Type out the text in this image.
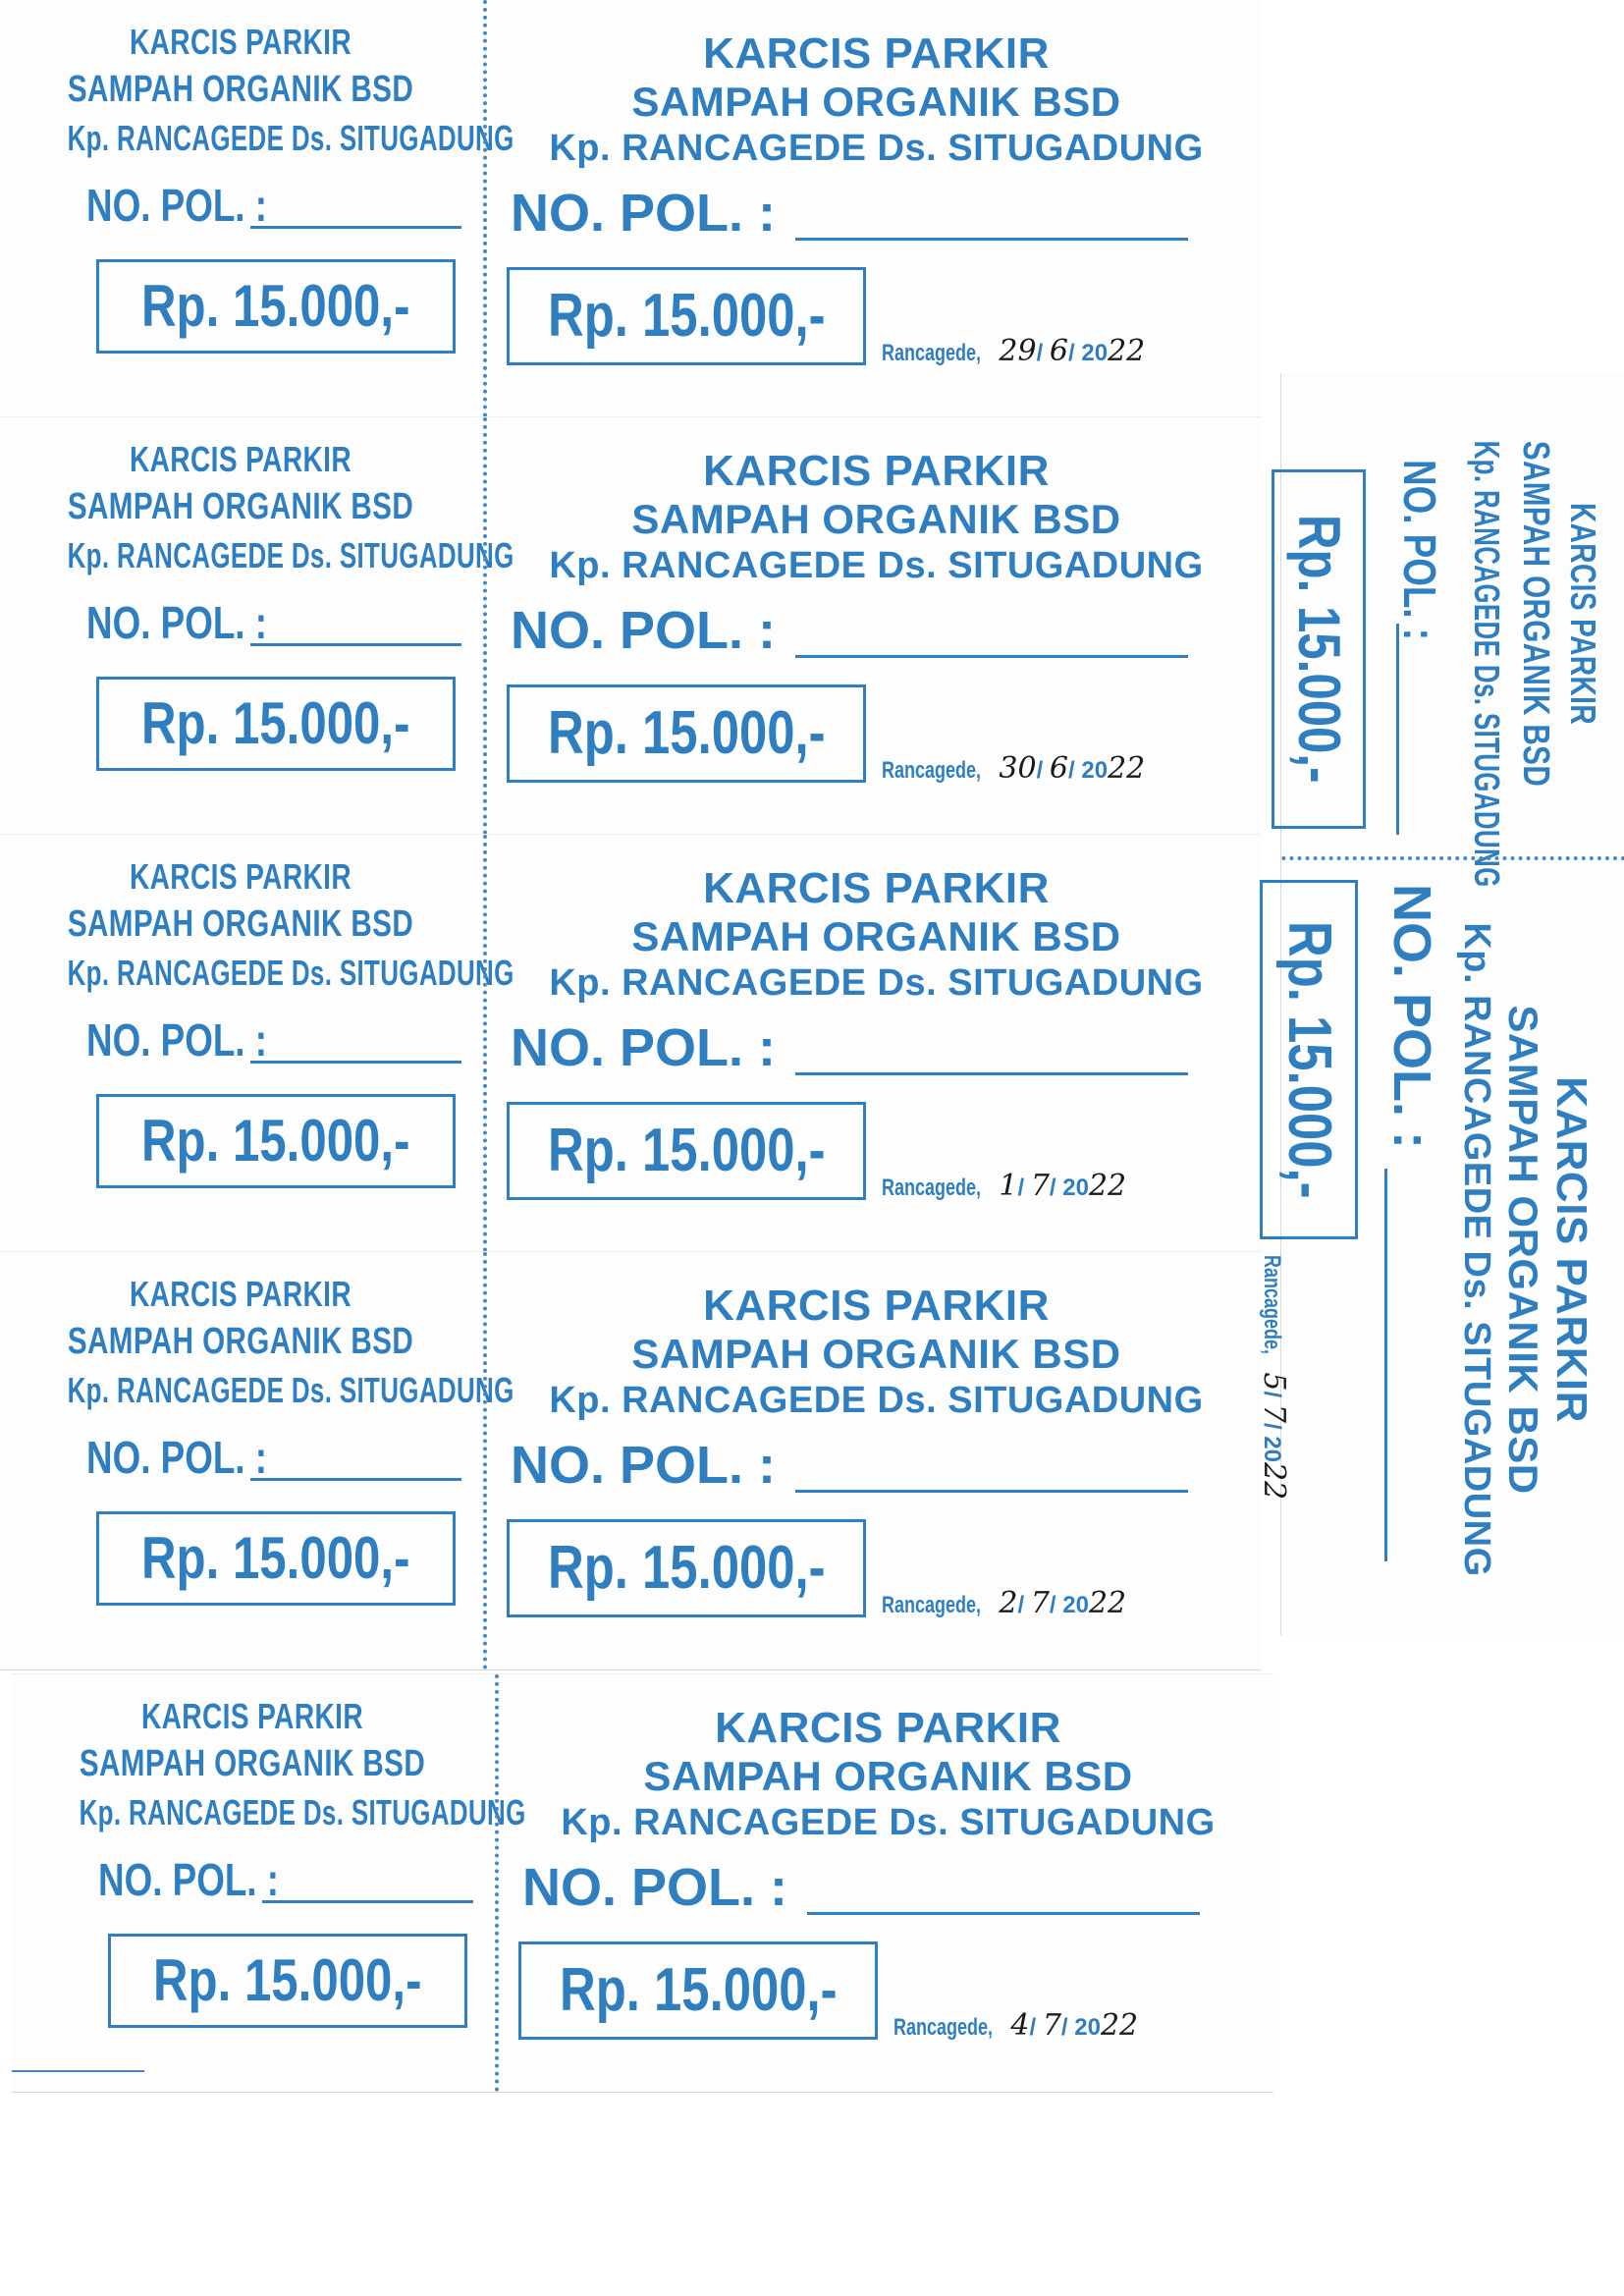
KARCIS PARKIR
SAMPAH ORGANIK BSD
Kp. RANCAGEDE Ds. SITUGADUNG
NO. POL. :
Rp. 15.000,-
KARCIS PARKIR
SAMPAH ORGANIK BSD
Kp. RANCAGEDE Ds. SITUGADUNG
NO. POL. :
Rp. 15.000,-
Rancagede, 29/ 6/ 2022
KARCIS PARKIR
SAMPAH ORGANIK BSD
Kp. RANCAGEDE Ds. SITUGADUNG
NO. POL. :
Rp. 15.000,-
KARCIS PARKIR
SAMPAH ORGANIK BSD
Kp. RANCAGEDE Ds. SITUGADUNG
NO. POL. :
Rp. 15.000,-
Rancagede, 30/ 6/ 2022
KARCIS PARKIR
SAMPAH ORGANIK BSD
Kp. RANCAGEDE Ds. SITUGADUNG
NO. POL. :
Rp. 15.000,-
KARCIS PARKIR
SAMPAH ORGANIK BSD
Kp. RANCAGEDE Ds. SITUGADUNG
NO. POL. :
Rp. 15.000,-
Rancagede, 1/ 7/ 2022
KARCIS PARKIR
SAMPAH ORGANIK BSD
Kp. RANCAGEDE Ds. SITUGADUNG
NO. POL. :
Rp. 15.000,-
KARCIS PARKIR
SAMPAH ORGANIK BSD
Kp. RANCAGEDE Ds. SITUGADUNG
NO. POL. :
Rp. 15.000,-
Rancagede, 2/ 7/ 2022
KARCIS PARKIR
SAMPAH ORGANIK BSD
Kp. RANCAGEDE Ds. SITUGADUNG
NO. POL. :
Rp. 15.000,-
KARCIS PARKIR
SAMPAH ORGANIK BSD
Kp. RANCAGEDE Ds. SITUGADUNG
NO. POL. :
Rp. 15.000,-
Rancagede, 4/ 7/ 2022
KARCIS PARKIR
SAMPAH ORGANIK BSD
Kp. RANCAGEDE Ds. SITUGADUNG
NO. POL. :
Rp. 15.000,-
KARCIS PARKIR
SAMPAH ORGANIK BSD
Kp. RANCAGEDE Ds. SITUGADUNG
NO. POL. :
Rp. 15.000,-
Rancagede, 5/ 7/ 2022
